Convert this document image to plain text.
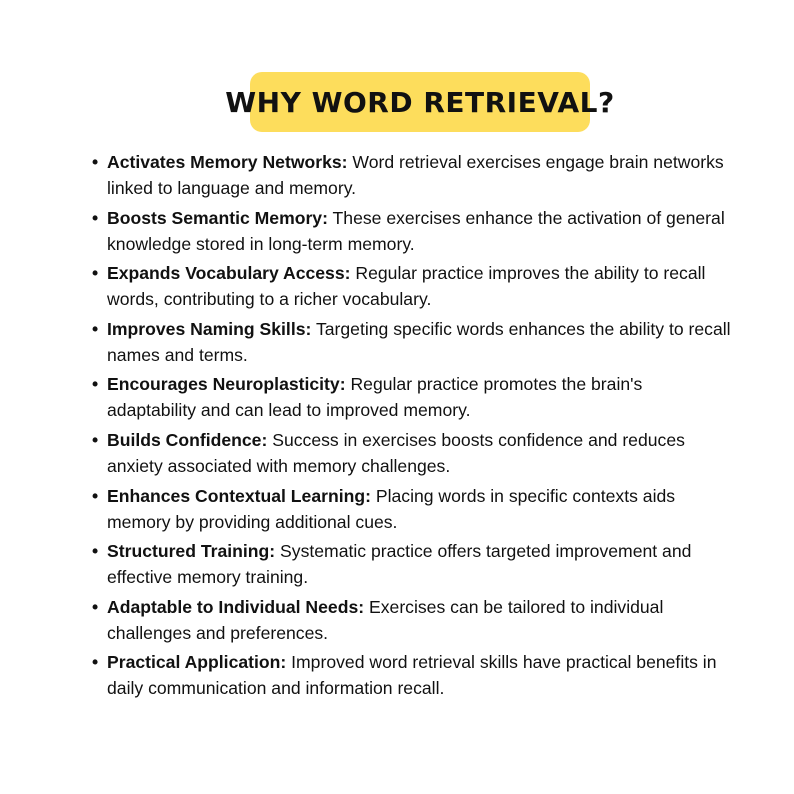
WHY WORD RETRIEVAL?
• Activates Memory Networks: Word retrieval exercises engage brain networks linked to language and memory.
• Boosts Semantic Memory: These exercises enhance the activation of general knowledge stored in long-term memory.
• Expands Vocabulary Access: Regular practice improves the ability to recall words, contributing to a richer vocabulary.
• Improves Naming Skills: Targeting specific words enhances the ability to recall names and terms.
• Encourages Neuroplasticity: Regular practice promotes the brain's adaptability and can lead to improved memory.
• Builds Confidence: Success in exercises boosts confidence and reduces anxiety associated with memory challenges.
• Enhances Contextual Learning: Placing words in specific contexts aids memory by providing additional cues.
• Structured Training: Systematic practice offers targeted improvement and effective memory training.
• Adaptable to Individual Needs: Exercises can be tailored to individual challenges and preferences.
• Practical Application: Improved word retrieval skills have practical benefits in daily communication and information recall.
